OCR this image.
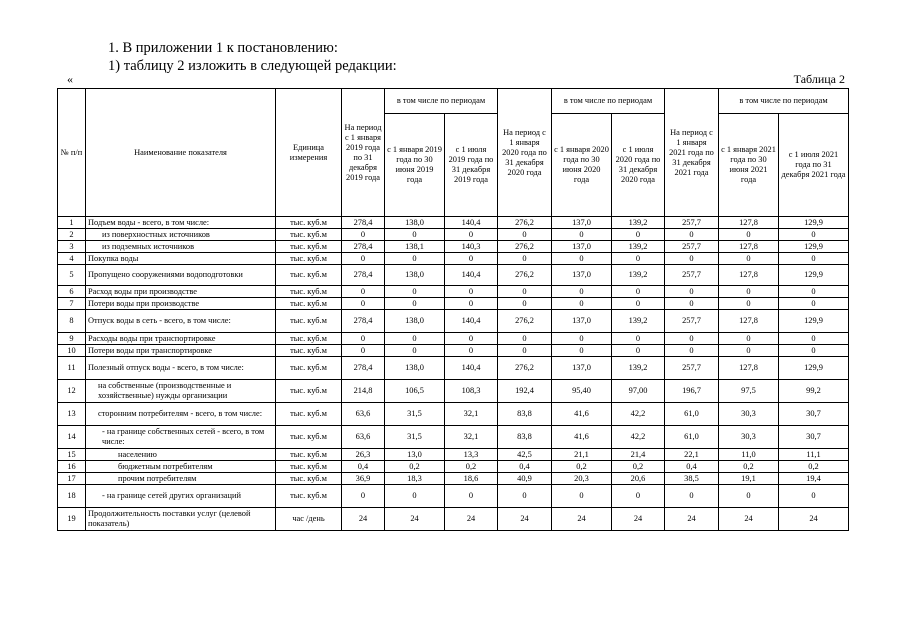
1. В приложении 1 к постановлению:
1) таблицу 2 изложить в следующей редакции:
«	Таблица 2
№ п/п	Наименование показателя	Единица измерения	На период с 1 января 2019 года по 31 декабря 2019 года	в том числе по периодам		На период с 1 января 2020 года по 31 декабря 2020 года	в том числе по периодам		На период с 1 января 2021 года по 31 декабря 2021 года	в том числе по периодам	
				с 1 января 2019 года по 30 июня 2019 года	с 1 июля 2019 года по 31 декабря 2019 года		с 1 января 2020 года по 30 июня 2020 года	с 1 июля 2020 года по 31 декабря 2020 года		с 1 января 2021 года по 30 июня 2021 года	с 1 июля 2021 года по 31 декабря 2021 года
1	Подъем воды - всего, в том числе:	тыс. куб.м	278,4	138,0	140,4	276,2	137,0	139,2	257,7	127,8	129,9
2	из поверхностных источников	тыс. куб.м	0	0	0	0	0	0	0	0	0
3	из подземных источников	тыс. куб.м	278,4	138,1	140,3	276,2	137,0	139,2	257,7	127,8	129,9
4	Покупка воды	тыс. куб.м	0	0	0	0	0	0	0	0	0
5	Пропущено сооружениями водоподготовки	тыс. куб.м	278,4	138,0	140,4	276,2	137,0	139,2	257,7	127,8	129,9
6	Расход воды при производстве	тыс. куб.м	0	0	0	0	0	0	0	0	0
7	Потери воды при производстве	тыс. куб.м	0	0	0	0	0	0	0	0	0
8	Отпуск воды в сеть - всего, в том числе:	тыс. куб.м	278,4	138,0	140,4	276,2	137,0	139,2	257,7	127,8	129,9
9	Расходы воды при транспортировке	тыс. куб.м	0	0	0	0	0	0	0	0	0
10	Потери воды при транспортировке	тыс. куб.м	0	0	0	0	0	0	0	0	0
11	Полезный отпуск воды - всего, в том числе:	тыс. куб.м	278,4	138,0	140,4	276,2	137,0	139,2	257,7	127,8	129,9
12	на собственные (производственные и хозяйственные) нужды организации	тыс. куб.м	214,8	106,5	108,3	192,4	95,40	97,00	196,7	97,5	99,2
13	сторонним потребителям - всего, в том числе:	тыс. куб.м	63,6	31,5	32,1	83,8	41,6	42,2	61,0	30,3	30,7
14	- на границе собственных сетей - всего, в том числе:	тыс. куб.м	63,6	31,5	32,1	83,8	41,6	42,2	61,0	30,3	30,7
15	населению	тыс. куб.м	26,3	13,0	13,3	42,5	21,1	21,4	22,1	11,0	11,1
16	бюджетным потребителям	тыс. куб.м	0,4	0,2	0,2	0,4	0,2	0,2	0,4	0,2	0,2
17	прочим потребителям	тыс. куб.м	36,9	18,3	18,6	40,9	20,3	20,6	38,5	19,1	19,4
18	- на границе сетей других организаций	тыс. куб.м	0	0	0	0	0	0	0	0	0
19	Продолжительность поставки услуг (целевой показатель)	час /день	24	24	24	24	24	24	24	24	24
